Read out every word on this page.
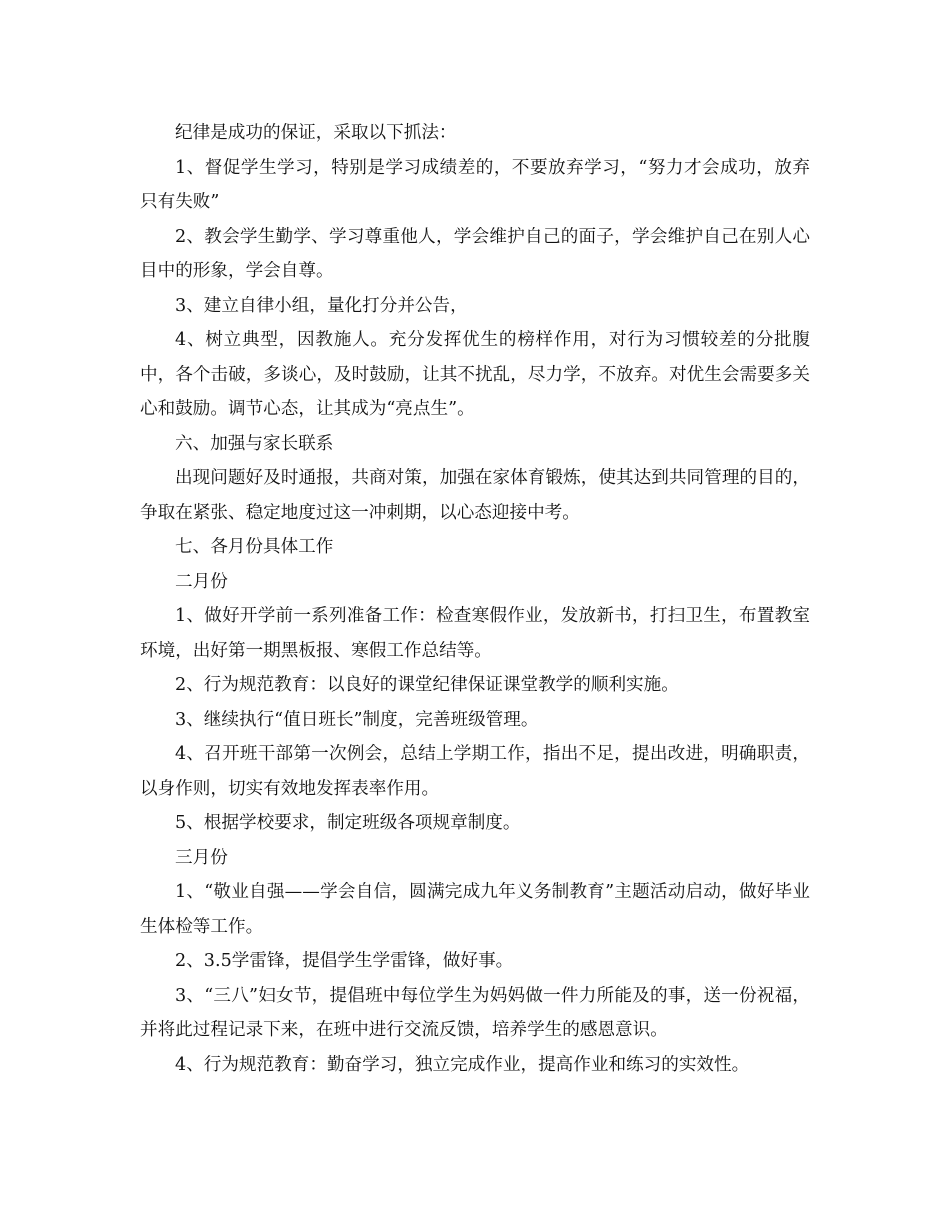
纪律是成功的保证，采取以下抓法：

1、督促学生学习，特别是学习成绩差的，不要放弃学习，“努力才会成功，放弃只有失败”

2、教会学生勤学、学习尊重他人，学会维护自己的面子，学会维护自己在别人心目中的形象，学会自尊。

3、建立自律小组，量化打分并公告，

4、树立典型，因教施人。充分发挥优生的榜样作用，对行为习惯较差的分批腹中，各个击破，多谈心，及时鼓励，让其不扰乱，尽力学，不放弃。对优生会需要多关心和鼓励。调节心态，让其成为“亮点生”。

六、加强与家长联系

出现问题好及时通报，共商对策，加强在家体育锻炼，使其达到共同管理的目的，争取在紧张、稳定地度过这一冲刺期，以心态迎接中考。

七、各月份具体工作

二月份

1、做好开学前一系列准备工作：检查寒假作业，发放新书，打扫卫生，布置教室环境，出好第一期黑板报、寒假工作总结等。

2、行为规范教育：以良好的课堂纪律保证课堂教学的顺利实施。

3、继续执行“值日班长”制度，完善班级管理。

4、召开班干部第一次例会，总结上学期工作，指出不足，提出改进，明确职责，以身作则，切实有效地发挥表率作用。

5、根据学校要求，制定班级各项规章制度。

三月份

1、“敬业自强——学会自信，圆满完成九年义务制教育”主题活动启动，做好毕业生体检等工作。

2、3.5学雷锋，提倡学生学雷锋，做好事。

3、“三八”妇女节，提倡班中每位学生为妈妈做一件力所能及的事，送一份祝福，并将此过程记录下来，在班中进行交流反馈，培养学生的感恩意识。

4、行为规范教育：勤奋学习，独立完成作业，提高作业和练习的实效性。
